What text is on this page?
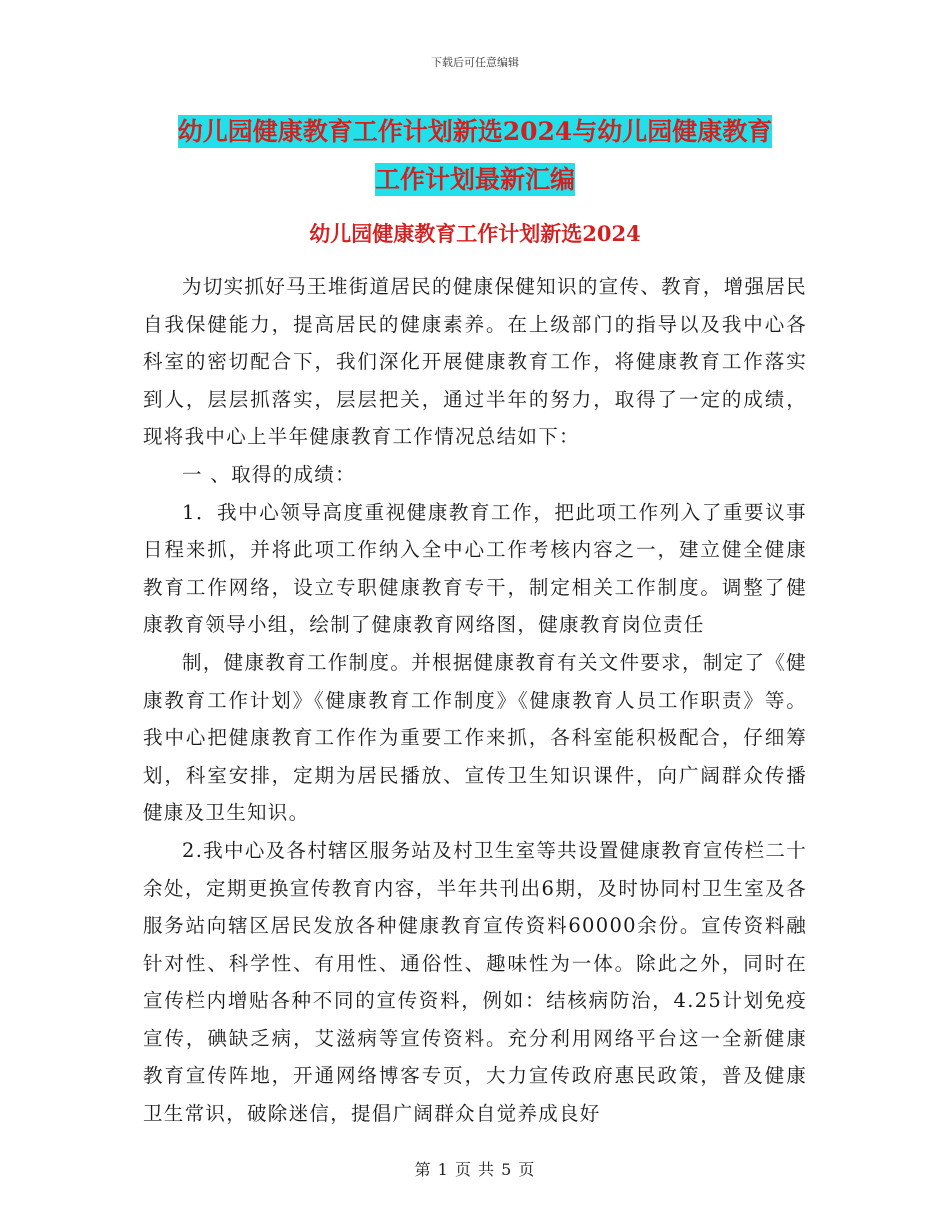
下载后可任意编辑
幼儿园健康教育工作计划新选2024与幼儿园健康教育
工作计划最新汇编
幼儿园健康教育工作计划新选2024

为切实抓好马王堆街道居民的健康保健知识的宣传、教育，增强居民自我保健能力，提高居民的健康素养。在上级部门的指导以及我中心各科室的密切配合下，我们深化开展健康教育工作，将健康教育工作落实到人，层层抓落实，层层把关，通过半年的努力，取得了一定的成绩，现将我中心上半年健康教育工作情况总结如下：

一 、取得的成绩：

1．我中心领导高度重视健康教育工作，把此项工作列入了重要议事日程来抓，并将此项工作纳入全中心工作考核内容之一，建立健全健康教育工作网络，设立专职健康教育专干，制定相关工作制度。调整了健康教育领导小组，绘制了健康教育网络图，健康教育岗位责任

制，健康教育工作制度。并根据健康教育有关文件要求，制定了《健康教育工作计划》《健康教育工作制度》《健康教育人员工作职责》等。我中心把健康教育工作作为重要工作来抓，各科室能积极配合，仔细筹划，科室安排，定期为居民播放、宣传卫生知识课件，向广阔群众传播健康及卫生知识。

2.我中心及各村辖区服务站及村卫生室等共设置健康教育宣传栏二十余处，定期更换宣传教育内容，半年共刊出6期，及时协同村卫生室及各服务站向辖区居民发放各种健康教育宣传资料60000余份。宣传资料融针对性、科学性、有用性、通俗性、趣味性为一体。除此之外，同时在宣传栏内增贴各种不同的宣传资料，例如：结核病防治，4.25计划免疫宣传，碘缺乏病，艾滋病等宣传资料。充分利用网络平台这一全新健康教育宣传阵地，开通网络博客专页，大力宣传政府惠民政策，普及健康卫生常识，破除迷信，提倡广阔群众自觉养成良好

第 1 页 共 5 页
